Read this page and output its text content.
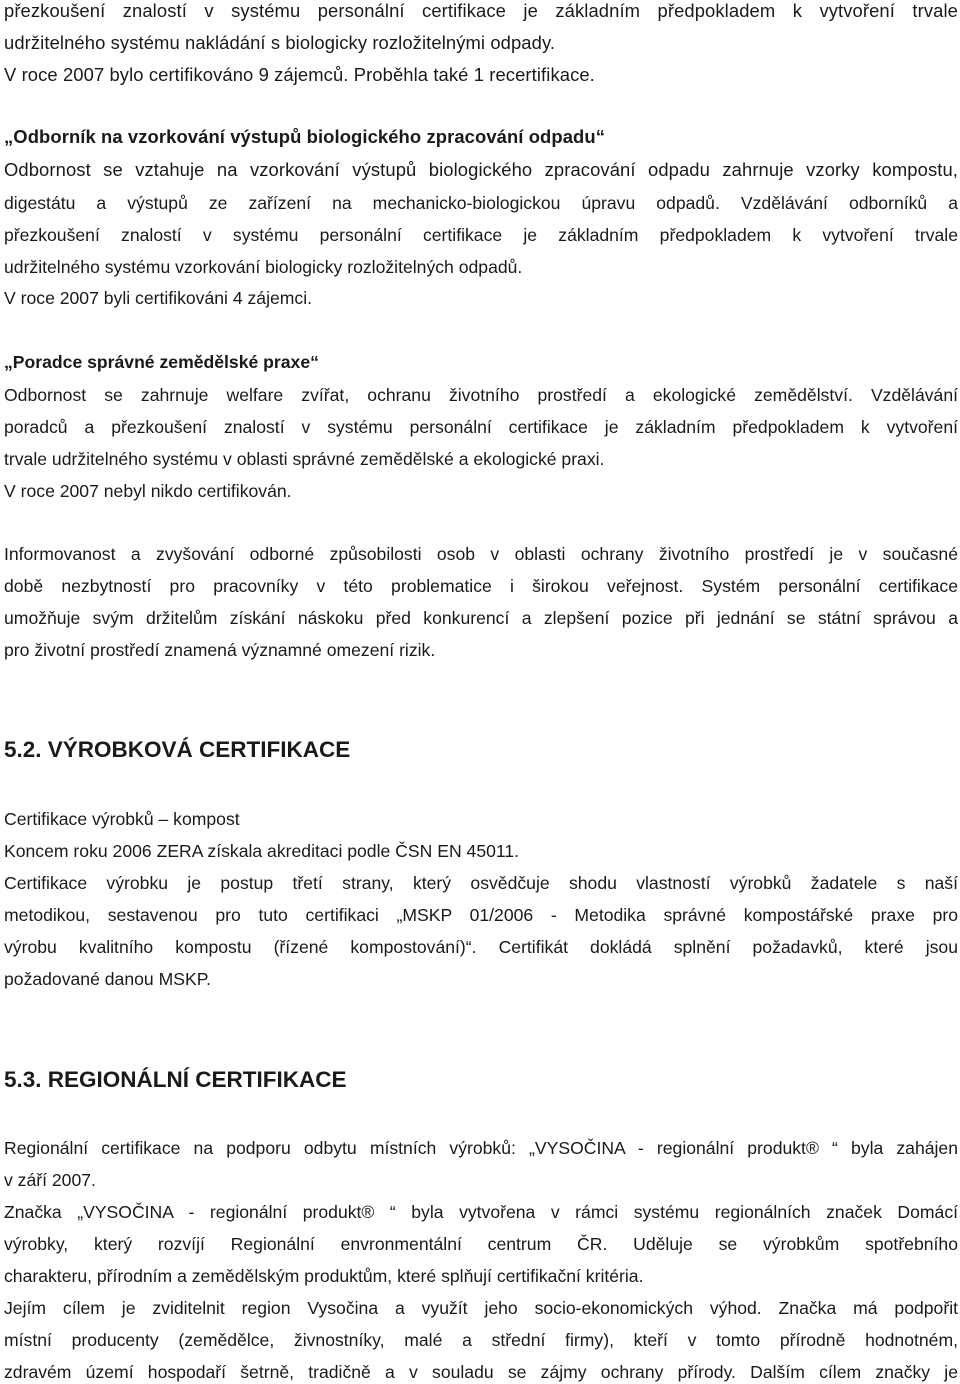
přezkoušení znalostí v systému personální certifikace je základním předpokladem k vytvoření trvale
udržitelného systému nakládání s biologicky rozložitelnými odpady.
V roce 2007 bylo certifikováno 9 zájemců. Proběhla také 1 recertifikace.
„Odborník na vzorkování výstupů biologického zpracování odpadu“
Odbornost se vztahuje na vzorkování výstupů biologického zpracování odpadu zahrnuje vzorky kompostu,
digestátu a výstupů ze zařízení na mechanicko-biologickou úpravu odpadů. Vzdělávání odborníků a
přezkoušení znalostí v systému personální certifikace je základním předpokladem k vytvoření trvale
udržitelného systému vzorkování biologicky rozložitelných odpadů.
V roce 2007 byli certifikováni 4 zájemci.
„Poradce správné zemědělské praxe“
Odbornost se zahrnuje welfare zvířat, ochranu životního prostředí a ekologické zemědělství. Vzdělávání
poradců a přezkoušení znalostí v systému personální certifikace je základním předpokladem k vytvoření
trvale udržitelného systému v oblasti správné zemědělské a ekologické praxi.
V roce 2007 nebyl nikdo certifikován.
Informovanost a zvyšování odborné způsobilosti osob v oblasti ochrany životního prostředí je v současné
době nezbytností pro pracovníky v této problematice i širokou veřejnost. Systém personální certifikace
umožňuje svým držitelům získání náskoku před konkurencí a zlepšení pozice při jednání se státní správou a
pro životní prostředí znamená významné omezení rizik.
5.2. VÝROBKOVÁ CERTIFIKACE
Certifikace výrobků – kompost
Koncem roku 2006 ZERA získala akreditaci podle ČSN EN 45011.
Certifikace výrobku je postup třetí strany, který osvědčuje shodu vlastností výrobků žadatele s naší
metodikou, sestavenou pro tuto certifikaci „MSKP 01/2006 - Metodika správné kompostářské praxe pro
výrobu kvalitního kompostu (řízené kompostování)“. Certifikát dokládá splnění požadavků, které jsou
požadované danou MSKP.
5.3. REGIONÁLNÍ CERTIFIKACE
Regionální certifikace na podporu odbytu místních výrobků: „VYSOČINA - regionální produkt® “ byla zahájen
v září 2007.
Značka „VYSOČINA - regionální produkt® “ byla vytvořena v rámci systému regionálních značek Domácí
výrobky, který rozvíjí Regionální envronmentální centrum ČR. Uděluje se výrobkům spotřebního
charakteru, přírodním a zemědělským produktům, které splňují certifikační kritéria.
Jejím cílem je zviditelnit region Vysočina a využít jeho socio-ekonomických výhod. Značka má podpořit
místní producenty (zemědělce, živnostníky, malé a střední firmy), kteří v tomto přírodně hodnotném,
zdravém území hospodaří šetrně, tradičně a v souladu se zájmy ochrany přírody. Dalším cílem značky je
